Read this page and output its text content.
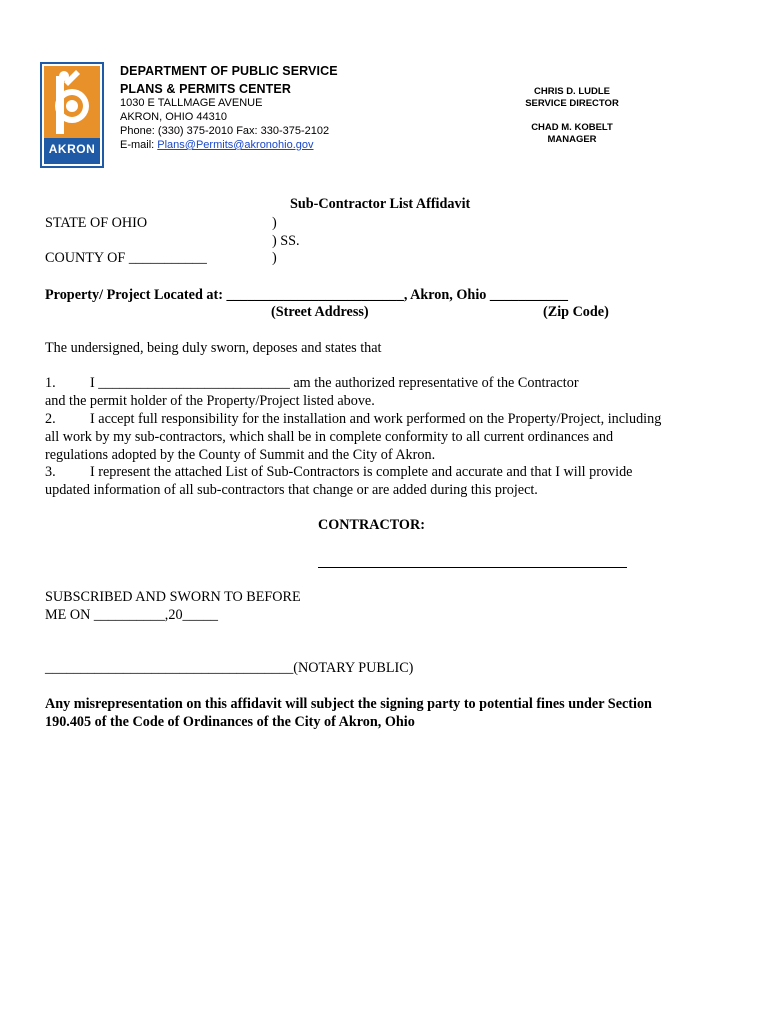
AKRON
DEPARTMENT OF PUBLIC SERVICE
PLANS & PERMITS CENTER
1030 E TALLMAGE AVENUE
AKRON, OHIO 44310
Phone: (330) 375-2010 Fax: 330-375-2102
E-mail: Plans@Permits@akronohio.gov
CHRIS D. LUDLE
SERVICE DIRECTOR
CHAD M. KOBELT
MANAGER
Sub-Contractor List Affidavit
STATE OF OHIO	)
) SS.
COUNTY OF ___________	)
Property/ Project Located at: _________________________, Akron, Ohio ___________
(Street Address)	(Zip Code)
The undersigned, being duly sworn, deposes and states that
1. I ___________________________ am the authorized representative of the Contractor
and the permit holder of the Property/Project listed above.
2. I accept full responsibility for the installation and work performed on the Property/Project, including
all work by my sub-contractors, which shall be in complete conformity to all current ordinances and
regulations adopted by the County of Summit and the City of Akron.
3. I represent the attached List of Sub-Contractors is complete and accurate and that I will provide
updated information of all sub-contractors that change or are added during this project.
CONTRACTOR:
SUBSCRIBED AND SWORN TO BEFORE
ME ON __________,20_____
___________________________________(NOTARY PUBLIC)
Any misrepresentation on this affidavit will subject the signing party to potential fines under Section
190.405 of the Code of Ordinances of the City of Akron, Ohio
